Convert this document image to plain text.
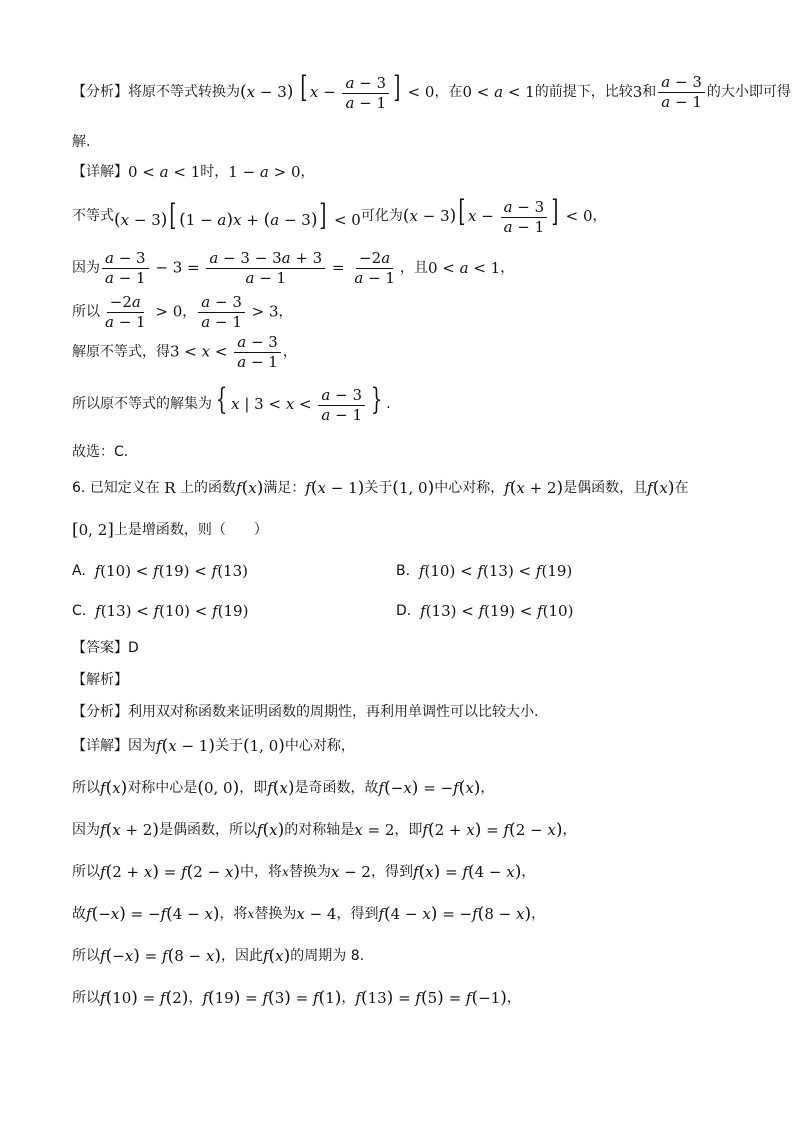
【分析】 将原不等式转换为 (x − 3) [ $x - \frac{a - 3}{a - 1}$ ] < 0 ，在 0 < a < 1 的前提下，比较 3 和 $\frac{a - 3}{a - 1}$ 的大小即可得
解.
【详解】 0 < a < 1 时， 1 − a > 0 ，
不等式 (x − 3)[ (1 − a)x + (a − 3)] < 0 可化为 (x − 3)[ $x - \frac{a - 3}{a - 1}$ ] < 0 ，
因为 $\frac{a - 3}{a - 1} - 3 = \frac{a - 3 - 3a + 3}{a - 1} = \frac{-2a}{a - 1}$ ，且 0 < a < 1 ，
所以 $\frac{-2a}{a - 1} > 0$ ， $\frac{a - 3}{a - 1} > 3$ ，
解原不等式，得 $3 < x < \frac{a - 3}{a - 1}$ ，
所以原不等式的解集为 { x | $3 < x < \frac{a - 3}{a - 1}$ } .
故选：C.
6.
已知定义在
R
上的函数 f(x) 满足： f(x − 1) 关于 (1, 0) 中心对称， f(x + 2) 是偶函数，且 f(x) 在
[0, 2] 上是增函数，则（　　）
A.
f(10) < f(19) < f(13)	B.
f(10) < f(13) < f(19)
C.
f(13) < f(10) < f(19)	D.
f(13) < f(19) < f(10)
【答案】 D
【解析】
【分析】 利用双对称函数来证明函数的周期性，再利用单调性可以比较大小.
【详解】 因为 f(x − 1) 关于 (1, 0) 中心对称，
所以 f(x) 对称中心是 (0, 0) ，即 f(x) 是奇函数，故 f(−x) = −f(x) ，
因为 f(x + 2) 是偶函数，所以 f(x) 的对称轴是 x = 2 ，即 f(2 + x) = f(2 − x) ，
所以 f(2 + x) = f(2 − x) 中，将 x 替换为 x − 2 ，得到 f(x) = f(4 − x) ，
故 f(−x) = −f(4 − x) ，将 x 替换为 x − 4 ，得到 f(4 − x) = −f(8 − x) ，
所以 f(−x) = f(8 − x) ，因此 f(x) 的周期为 8.
所以 f(10) = f(2) ， f(19) = f(3) = f(1) ， f(13) = f(5) = f(−1) ，
